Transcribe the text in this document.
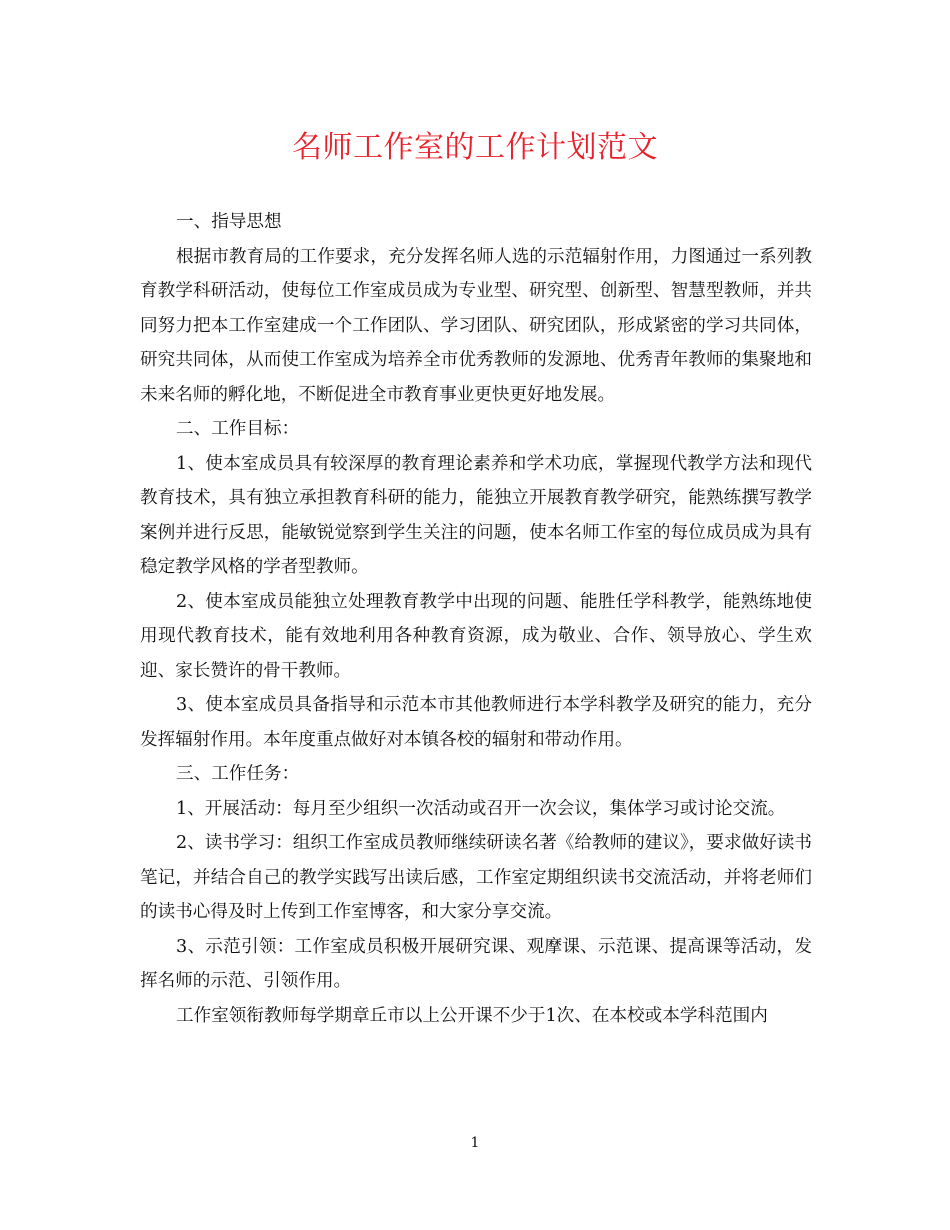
名师工作室的工作计划范文

一、指导思想

根据市教育局的工作要求，充分发挥名师人选的示范辐射作用，力图通过一系列教育教学科研活动，使每位工作室成员成为专业型、研究型、创新型、智慧型教师，并共同努力把本工作室建成一个工作团队、学习团队、研究团队，形成紧密的学习共同体，研究共同体，从而使工作室成为培养全市优秀教师的发源地、优秀青年教师的集聚地和未来名师的孵化地，不断促进全市教育事业更快更好地发展。

二、工作目标：

1、使本室成员具有较深厚的教育理论素养和学术功底，掌握现代教学方法和现代教育技术，具有独立承担教育科研的能力，能独立开展教育教学研究，能熟练撰写教学案例并进行反思，能敏锐觉察到学生关注的问题，使本名师工作室的每位成员成为具有稳定教学风格的学者型教师。

2、使本室成员能独立处理教育教学中出现的问题、能胜任学科教学，能熟练地使用现代教育技术，能有效地利用各种教育资源，成为敬业、合作、领导放心、学生欢迎、家长赞许的骨干教师。

3、使本室成员具备指导和示范本市其他教师进行本学科教学及研究的能力，充分发挥辐射作用。本年度重点做好对本镇各校的辐射和带动作用。

三、工作任务：

1、开展活动：每月至少组织一次活动或召开一次会议，集体学习或讨论交流。

2、读书学习：组织工作室成员教师继续研读名著《给教师的建议》，要求做好读书笔记，并结合自己的教学实践写出读后感，工作室定期组织读书交流活动，并将老师们的读书心得及时上传到工作室博客，和大家分享交流。

3、示范引领：工作室成员积极开展研究课、观摩课、示范课、提高课等活动，发挥名师的示范、引领作用。

工作室领衔教师每学期章丘市以上公开课不少于1次、在本校或本学科范围内

1
